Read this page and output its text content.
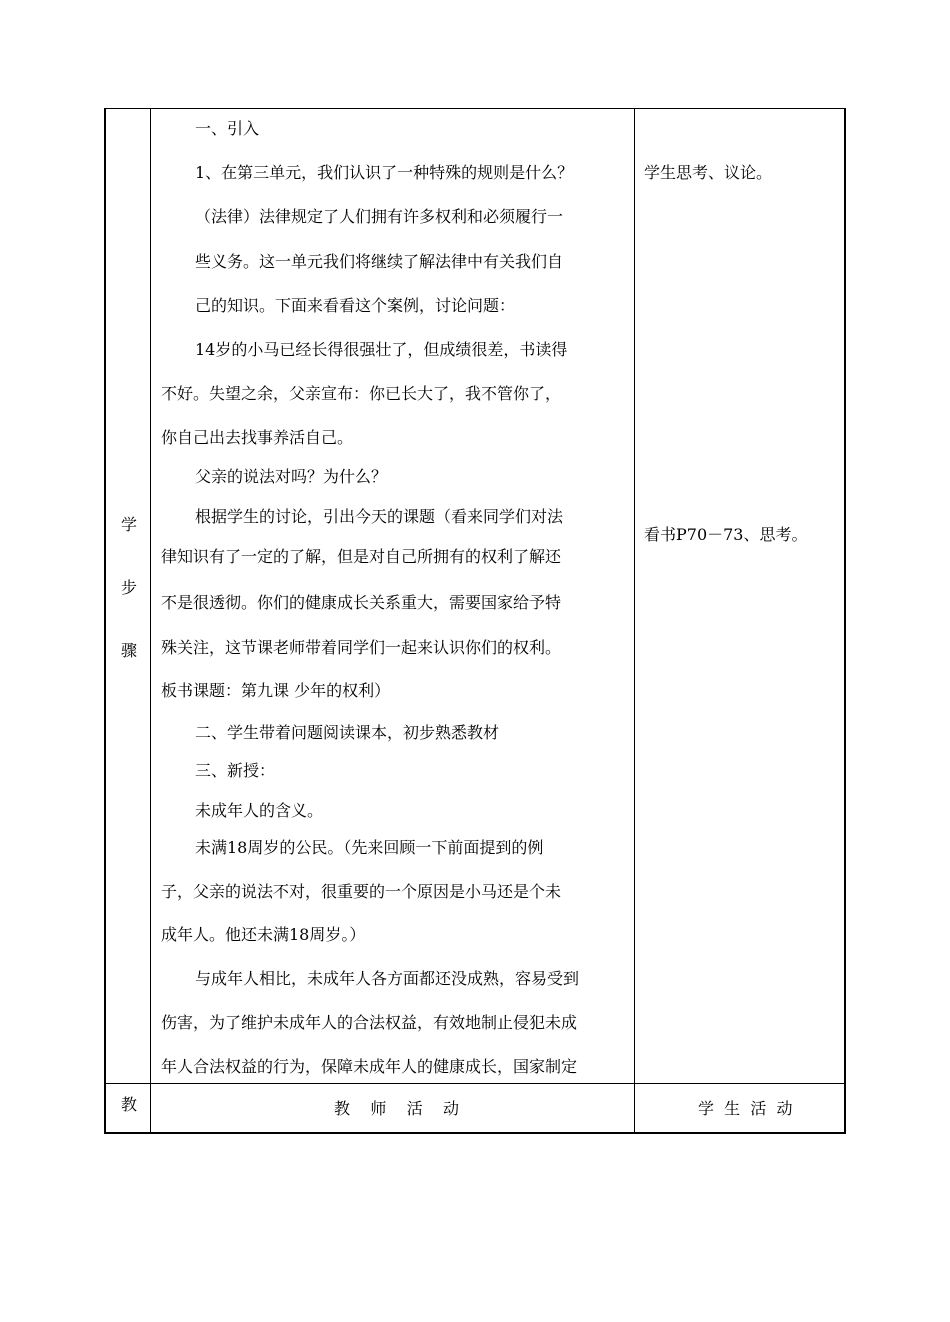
学
步
骤
教

一、引入

1、在第三单元，我们认识了一种特殊的规则是什么？

（法律）法律规定了人们拥有许多权利和必须履行一

些义务。这一单元我们将继续了解法律中有关我们自

己的知识。下面来看看这个案例，讨论问题：

14岁的小马已经长得很强壮了，但成绩很差，书读得

不好。失望之余，父亲宣布：你已长大了，我不管你了，

你自己出去找事养活自己。

父亲的说法对吗？为什么？

根据学生的讨论，引出今天的课题（看来同学们对法

律知识有了一定的了解，但是对自己所拥有的权利了解还

不是很透彻。你们的健康成长关系重大，需要国家给予特

殊关注，这节课老师带着同学们一起来认识你们的权利。

板书课题：第九课 少年的权利）

二、学生带着问题阅读课本，初步熟悉教材

三、新授：

未成年人的含义。

未满18周岁的公民。（先来回顾一下前面提到的例

子，父亲的说法不对，很重要的一个原因是小马还是个未

成年人。他还未满18周岁。）

与成年人相比，未成年人各方面都还没成熟，容易受到

伤害，为了维护未成年人的合法权益，有效地制止侵犯未成

年人合法权益的行为，保障未成年人的健康成长，国家制定

学生思考、议论。
看书P70－73、思考。
教    师    活    动	学  生  活  动
